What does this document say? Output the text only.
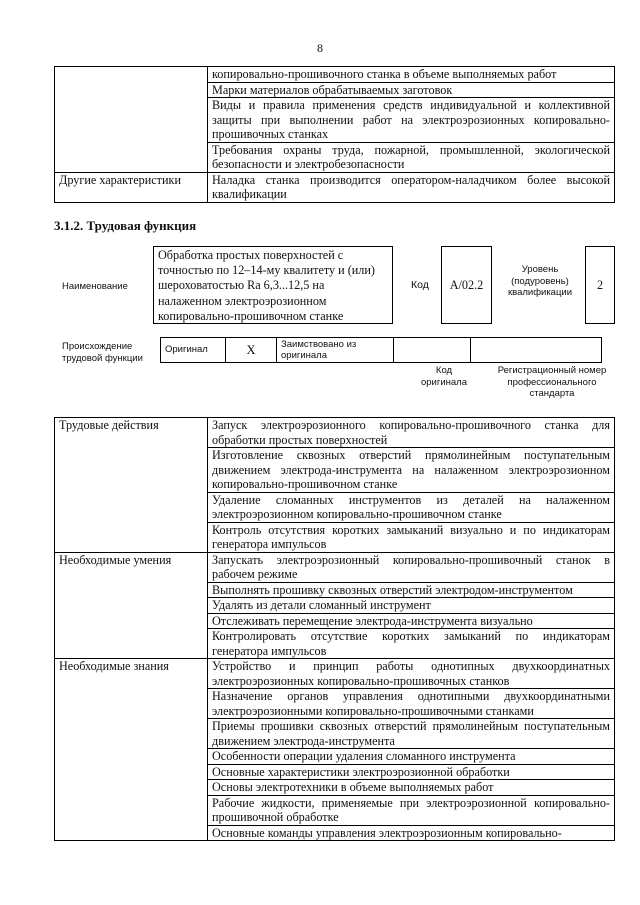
8
	копировально-прошивочного станка в объеме выполняемых работ
	Марки материалов обрабатываемых заготовок
	Виды и правила применения средств индивидуальной и коллективной защиты при выполнении работ на электроэрозионных копировально-прошивочных станках
	Требования охраны труда, пожарной, промышленной, экологической безопасности и электробезопасности
Другие характеристики	Наладка станка производится оператором-наладчиком более высокой квалификации
3.1.2. Трудовая функция
Наименование
Обработка простых поверхностей с точностью по 12–14-му квалитету и (или) шероховатостью Ra 6,3...12,5 на налаженном электроэрозионном копировально-прошивочном станке
Код	А/02.2
Уровень (подуровень) квалификации
2
Происхождение трудовой функции
Оригинал	X	Заимствовано из оригинала		
Код оригинала
Регистрационный номер профессионального стандарта
Трудовые действия	Запуск электроэрозионного копировально-прошивочного станка для обработки простых поверхностей
	Изготовление сквозных отверстий прямолинейным поступательным движением электрода-инструмента на налаженном электроэрозионном копировально-прошивочном станке
	Удаление сломанных инструментов из деталей на налаженном электроэрозионном копировально-прошивочном станке
	Контроль отсутствия коротких замыканий визуально и по индикаторам генератора импульсов
Необходимые умения	Запускать электроэрозионный копировально-прошивочный станок в рабочем режиме
	Выполнять прошивку сквозных отверстий электродом-инструментом
	Удалять из детали сломанный инструмент
	Отслеживать перемещение электрода-инструмента визуально
	Контролировать отсутствие коротких замыканий по индикаторам генератора импульсов
Необходимые знания	Устройство и принцип работы однотипных двухкоординатных электроэрозионных копировально-прошивочных станков
	Назначение органов управления однотипными двухкоординатными электроэрозионными копировально-прошивочными станками
	Приемы прошивки сквозных отверстий прямолинейным поступательным движением электрода-инструмента
	Особенности операции удаления сломанного инструмента
	Основные характеристики электроэрозионной обработки
	Основы электротехники в объеме выполняемых работ
	Рабочие жидкости, применяемые при электроэрозионной копировально-прошивочной обработке
	Основные команды управления электроэрозионным копировально-
